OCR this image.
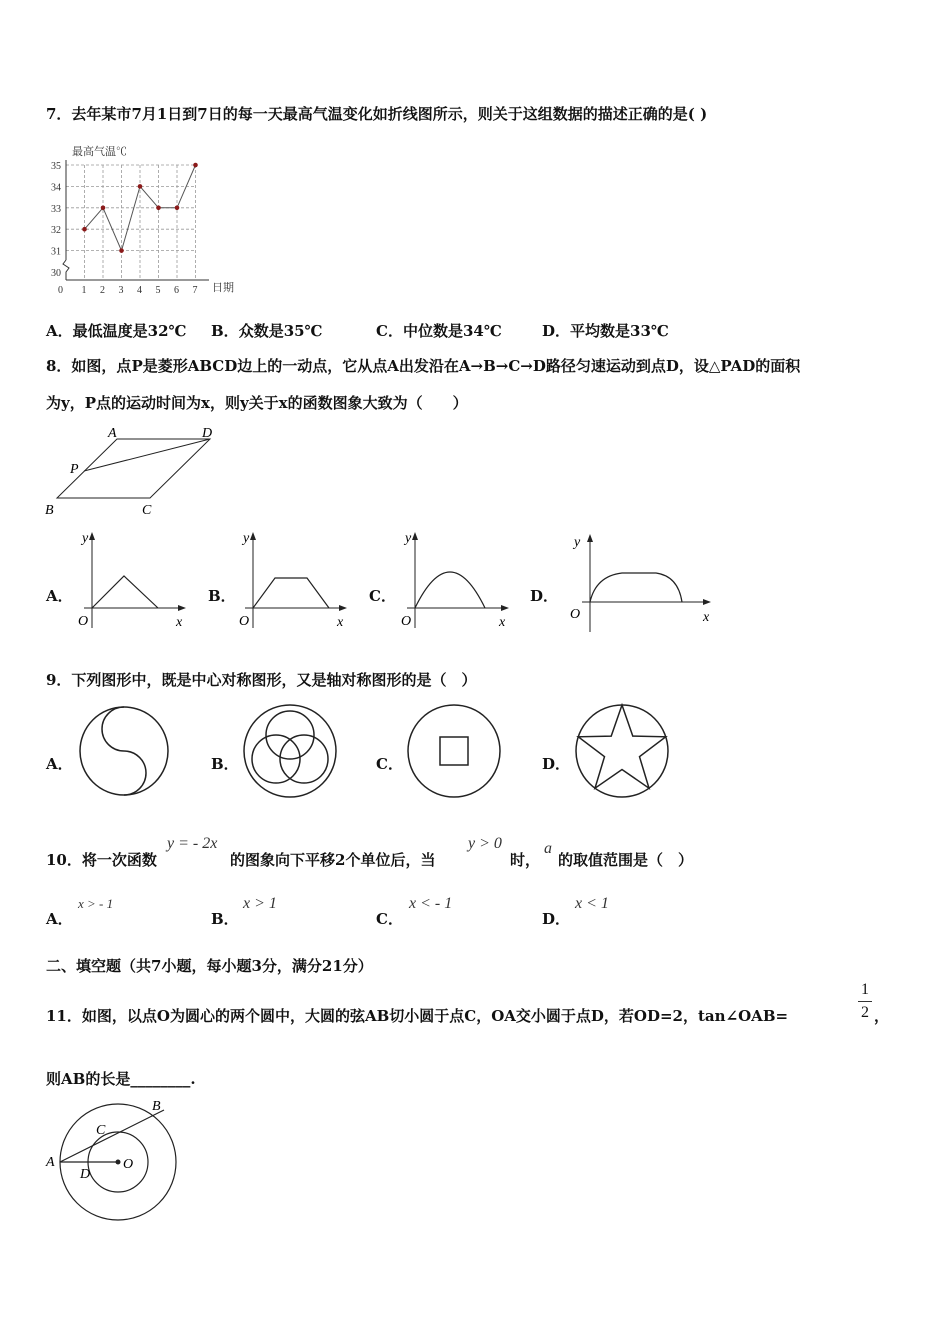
7．去年某市7月1日到7日的每一天最高气温变化如折线图所示，则关于这组数据的描述正确的是( )
最高气温℃
30
31
32
33
34
35
0 1 2 3 4 5 6 7 日期
A．最低温度是32℃ B．众数是35℃	C．中位数是34℃	D．平均数是33℃
8．如图，点P是菱形ABCD边上的一动点，它从点A出发沿在A→B→C→D路径匀速运动到点D，设△PAD的面积
为y，P点的运动时间为x，则y关于x的函数图象大致为（　　）
A	D
P
B	C
A．
y
O	x
B．
y
O	x
C．
y
O	x
D．
y
O	x
9．下列图形中，既是中心对称图形，又是轴对称图形的是（　）
A．	B．	C．	D．
10．将一次函数
y = - 2x
的图象向下平移2个单位后，当
y > 0
时，
a
的取值范围是（　）
A．
x > - 1
B．
x > 1
C．
x < - 1
D．
x < 1
二、填空题（共7小题，每小题3分，满分21分）
11．如图，以点O为圆心的两个圆中，大圆的弦AB切小圆于点C，OA交小圆于点D，若OD=2，tan∠OAB=
1
2 ，
则AB的长是________.
A
B
C
D
O
